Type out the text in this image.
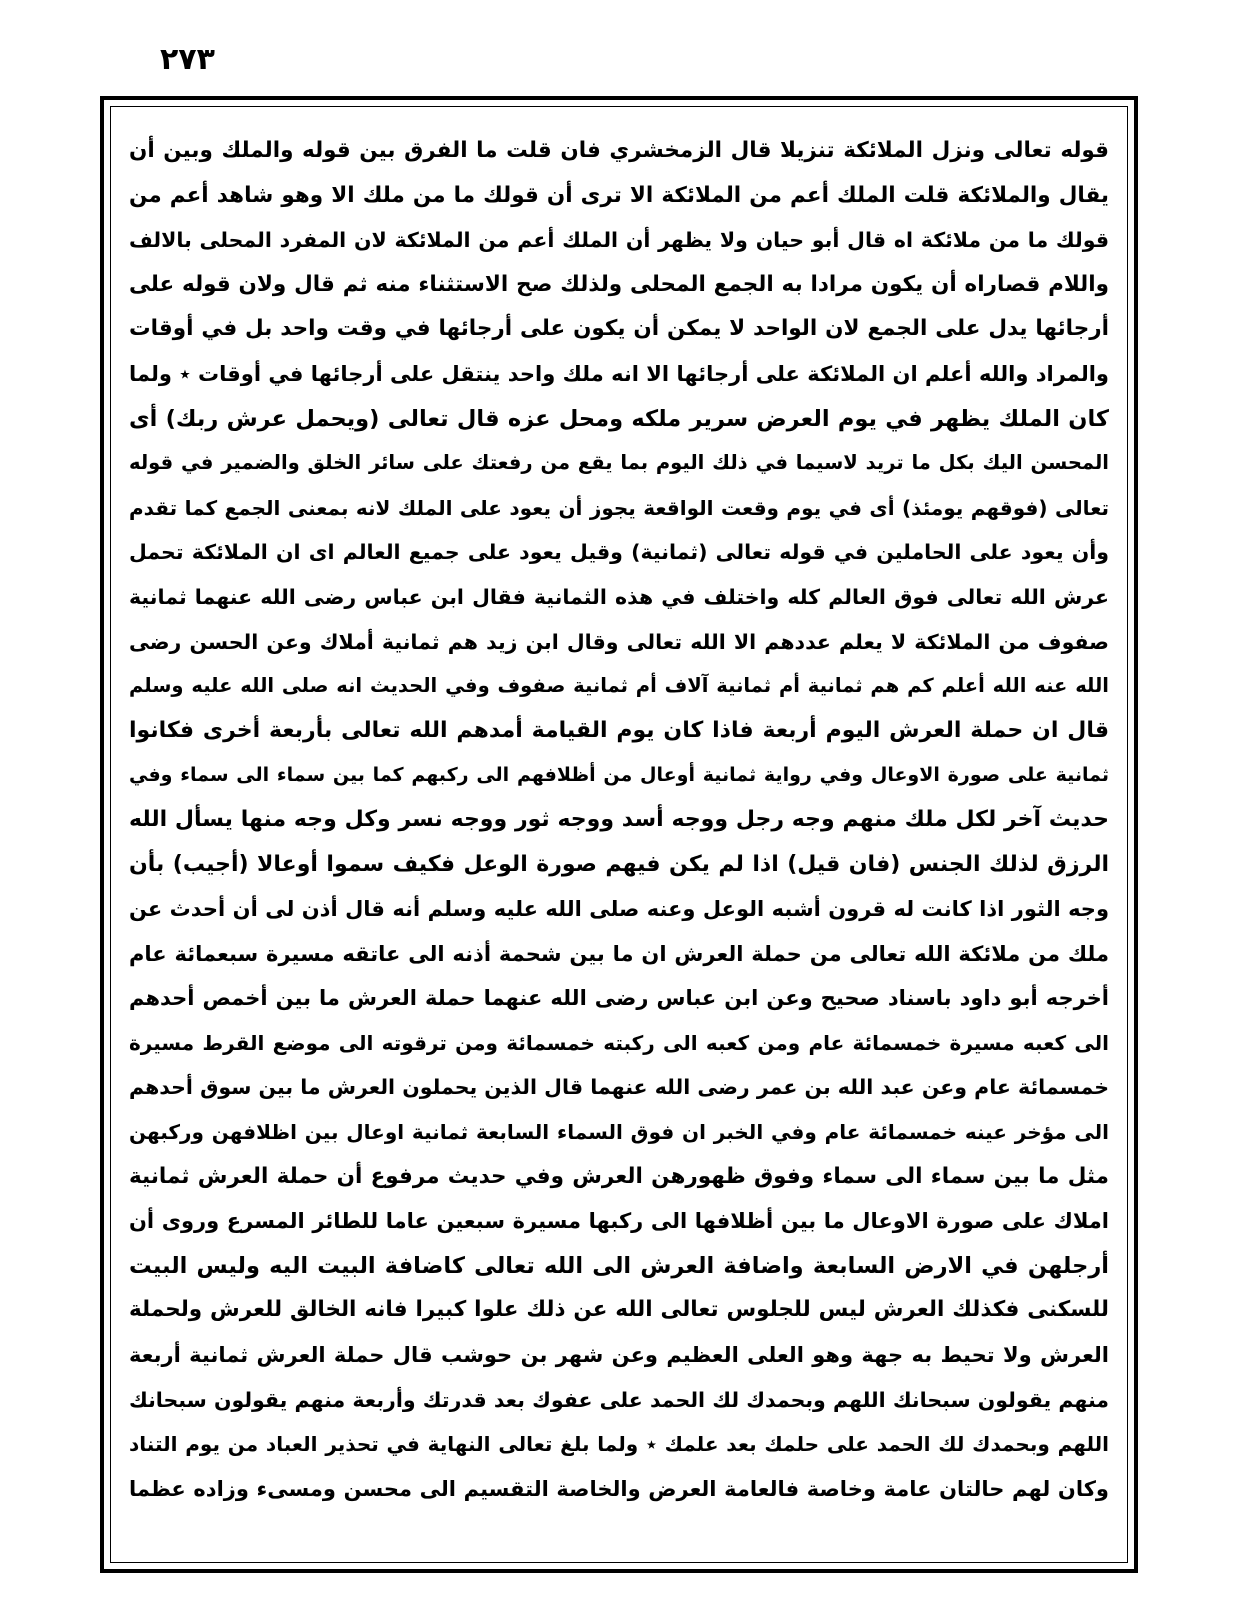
٢٧٣
قوله تعالى ونزل الملائكة تنزيلا قال الزمخشري فان قلت ما الفرق بين قوله والملك وبين أن
يقال والملائكة قلت الملك أعم من الملائكة الا ترى أن قولك ما من ملك الا وهو شاهد أعم من
قولك ما من ملائكة اه قال أبو حيان ولا يظهر أن الملك أعم من الملائكة لان المفرد المحلى بالالف
واللام قصاراه أن يكون مرادا به الجمع المحلى ولذلك صح الاستثناء منه ثم قال ولان قوله على
أرجائها يدل على الجمع لان الواحد لا يمكن أن يكون على أرجائها في وقت واحد بل في أوقات
والمراد والله أعلم ان الملائكة على أرجائها الا انه ملك واحد ينتقل على أرجائها في أوقات ٭ ولما
كان الملك يظهر في يوم العرض سرير ملكه ومحل عزه قال تعالى (ويحمل عرش ربك) أى
المحسن اليك بكل ما تريد لاسيما في ذلك اليوم بما يقع من رفعتك على سائر الخلق والضمير في قوله
تعالى (فوقهم يومئذ) أى في يوم وقعت الواقعة يجوز أن يعود على الملك لانه بمعنى الجمع كما تقدم
وأن يعود على الحاملين في قوله تعالى (ثمانية) وقيل يعود على جميع العالم اى ان الملائكة تحمل
عرش الله تعالى فوق العالم كله واختلف في هذه الثمانية فقال ابن عباس رضى الله عنهما ثمانية
صفوف من الملائكة لا يعلم عددهم الا الله تعالى وقال ابن زيد هم ثمانية أملاك وعن الحسن رضى
الله عنه الله أعلم كم هم ثمانية أم ثمانية آلاف أم ثمانية صفوف وفي الحديث انه صلى الله عليه وسلم
قال ان حملة العرش اليوم أربعة فاذا كان يوم القيامة أمدهم الله تعالى بأربعة أخرى فكانوا
ثمانية على صورة الاوعال وفي رواية ثمانية أوعال من أظلافهم الى ركبهم كما بين سماء الى سماء وفي
حديث آخر لكل ملك منهم وجه رجل ووجه أسد ووجه ثور ووجه نسر وكل وجه منها يسأل الله
الرزق لذلك الجنس (فان قيل) اذا لم يكن فيهم صورة الوعل فكيف سموا أوعالا (أجيب) بأن
وجه الثور اذا كانت له قرون أشبه الوعل وعنه صلى الله عليه وسلم أنه قال أذن لى أن أحدث عن
ملك من ملائكة الله تعالى من حملة العرش ان ما بين شحمة أذنه الى عاتقه مسيرة سبعمائة عام
أخرجه أبو داود باسناد صحيح وعن ابن عباس رضى الله عنهما حملة العرش ما بين أخمص أحدهم
الى كعبه مسيرة خمسمائة عام ومن كعبه الى ركبته خمسمائة ومن ترقوته الى موضع القرط مسيرة
خمسمائة عام وعن عبد الله بن عمر رضى الله عنهما قال الذين يحملون العرش ما بين سوق أحدهم
الى مؤخر عينه خمسمائة عام وفي الخبر ان فوق السماء السابعة ثمانية اوعال بين اظلافهن وركبهن
مثل ما بين سماء الى سماء وفوق ظهورهن العرش وفي حديث مرفوع أن حملة العرش ثمانية
املاك على صورة الاوعال ما بين أظلافها الى ركبها مسيرة سبعين عاما للطائر المسرع وروى أن
أرجلهن في الارض السابعة واضافة العرش الى الله تعالى كاضافة البيت اليه وليس البيت
للسكنى فكذلك العرش ليس للجلوس تعالى الله عن ذلك علوا كبيرا فانه الخالق للعرش ولحملة
العرش ولا تحيط به جهة وهو العلى العظيم وعن شهر بن حوشب قال حملة العرش ثمانية أربعة
منهم يقولون سبحانك اللهم وبحمدك لك الحمد على عفوك بعد قدرتك وأربعة منهم يقولون سبحانك
اللهم وبحمدك لك الحمد على حلمك بعد علمك ٭ ولما بلغ تعالى النهاية في تحذير العباد من يوم التناد
وكان لهم حالتان عامة وخاصة فالعامة العرض والخاصة التقسيم الى محسن ومسىء وزاده عظما
